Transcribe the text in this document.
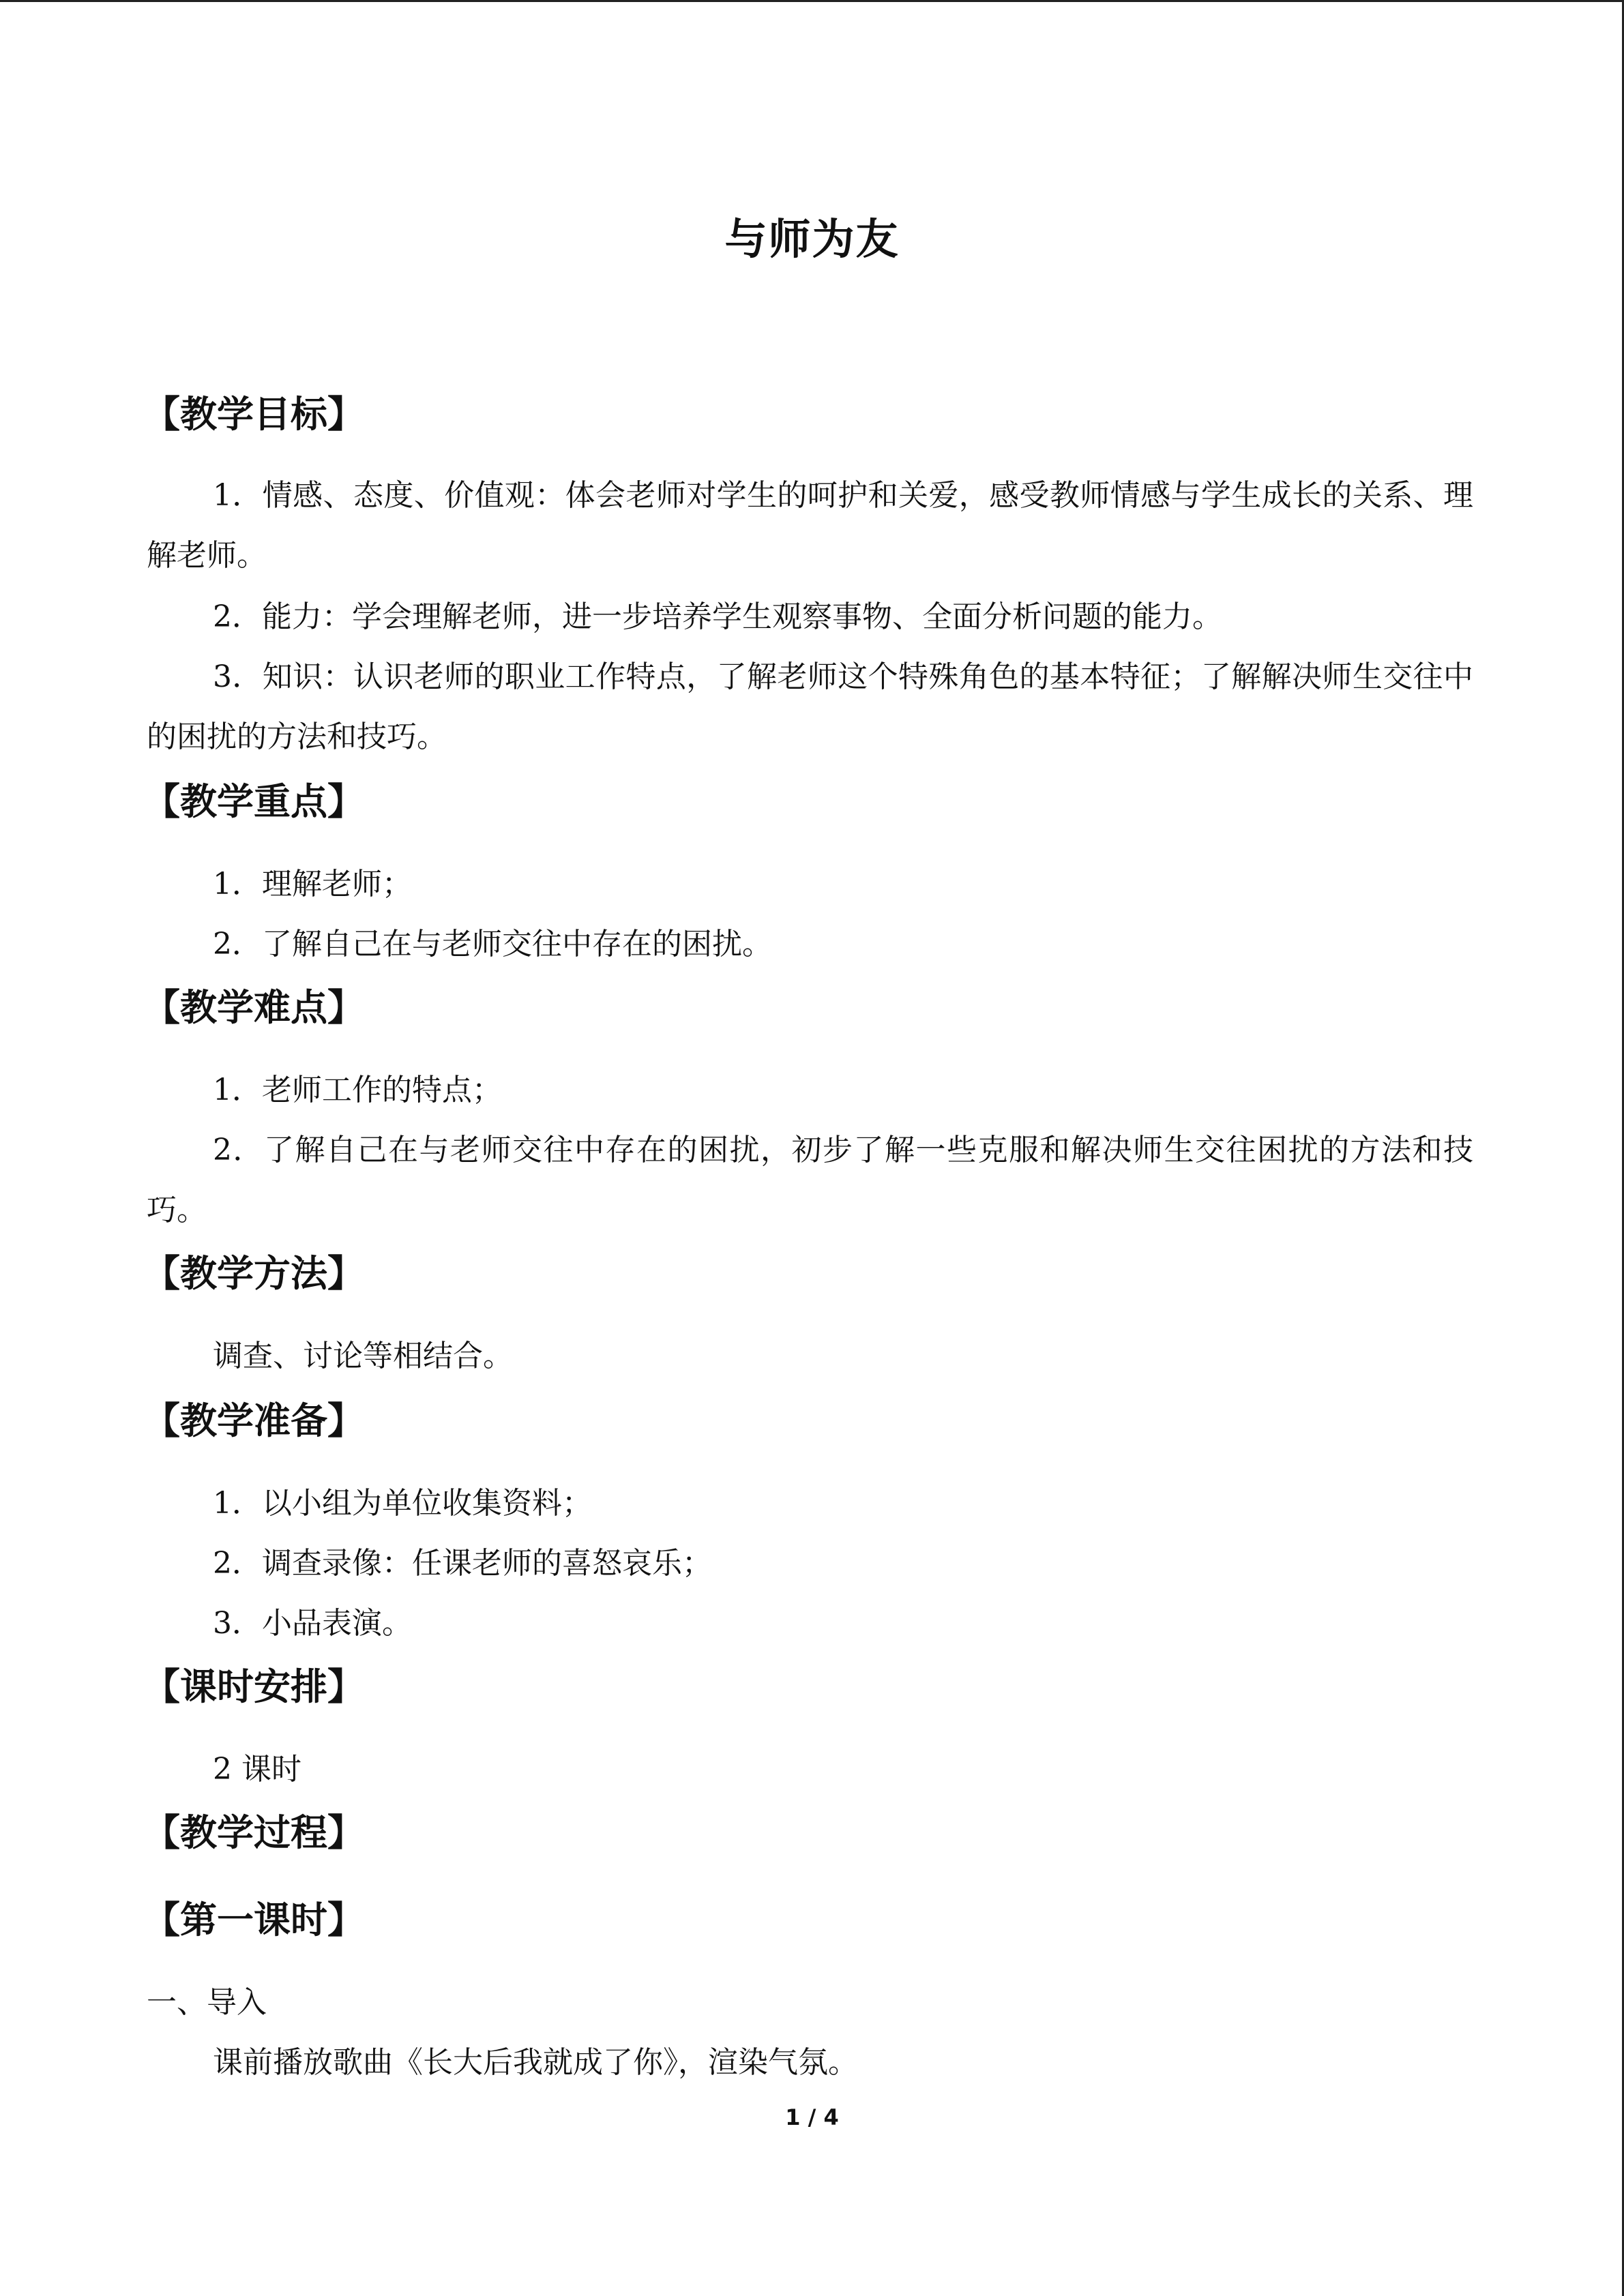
与师为友
【教学目标】
1．情感、态度、价值观：体会老师对学生的呵护和关爱，感受教师情感与学生成长的关系、理解老师。
2．能力：学会理解老师，进一步培养学生观察事物、全面分析问题的能力。
3．知识：认识老师的职业工作特点，了解老师这个特殊角色的基本特征；了解解决师生交往中的困扰的方法和技巧。
【教学重点】
1．理解老师；
2．了解自己在与老师交往中存在的困扰。
【教学难点】
1．老师工作的特点；
2．了解自己在与老师交往中存在的困扰，初步了解一些克服和解决师生交往困扰的方法和技巧。
【教学方法】
调查、讨论等相结合。
【教学准备】
1．以小组为单位收集资料；
2．调查录像：任课老师的喜怒哀乐；
3．小品表演。
【课时安排】
2 课时
【教学过程】
【第一课时】
一、导入
课前播放歌曲《长大后我就成了你》，渲染气氛。
1 / 4
